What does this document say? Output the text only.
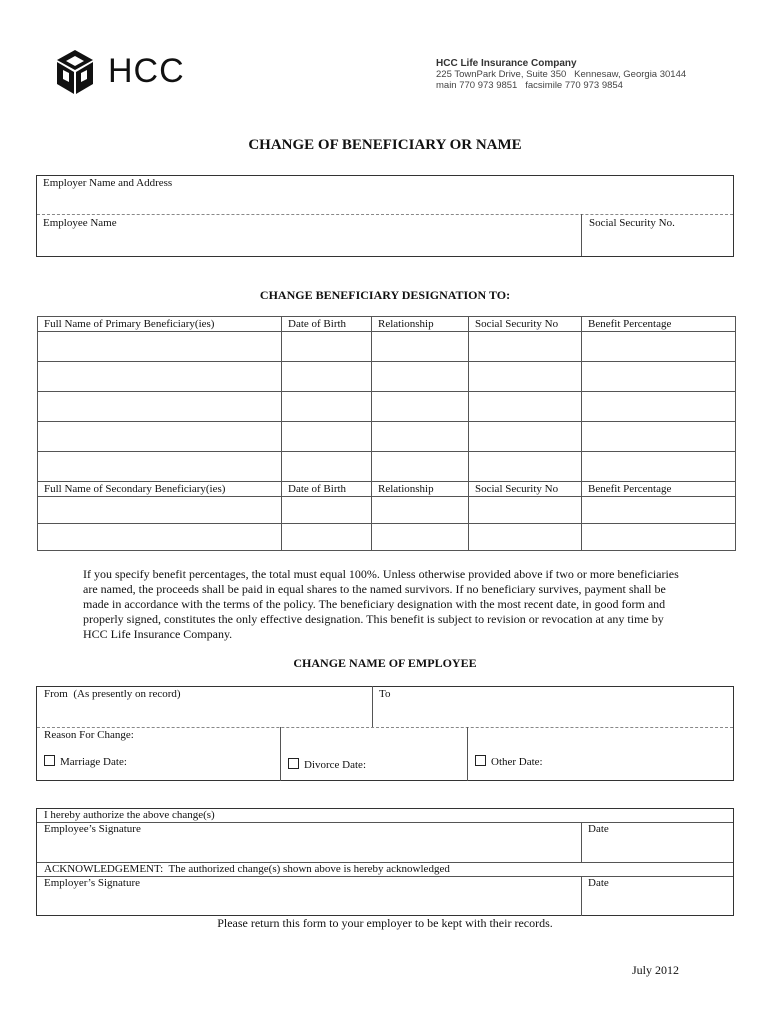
HCC	HCC Life Insurance Company
225 TownPark Drive, Suite 350   Kennesaw, Georgia 30144
main 770 973 9851   facsimile 770 973 9854
CHANGE OF BENEFICIARY OR NAME
Employer Name and Address
Employee Name	Social Security No.
CHANGE BENEFICIARY DESIGNATION TO:
Full Name of Primary Beneficiary(ies)	Date of Birth	Relationship	Social Security No	Benefit Percentage

Full Name of Secondary Beneficiary(ies)	Date of Birth	Relationship	Social Security No	Benefit Percentage

If you specify benefit percentages, the total must equal 100%. Unless otherwise provided above if two or more beneficiaries
are named, the proceeds shall be paid in equal shares to the named survivors. If no beneficiary survives, payment shall be
made in accordance with the terms of the policy. The beneficiary designation with the most recent date, in good form and
properly signed, constitutes the only effective designation. This benefit is subject to revision or revocation at any time by
HCC Life Insurance Company.
CHANGE NAME OF EMPLOYEE
From  (As presently on record)	To
Reason For Change:
Marriage Date:	Divorce Date:	Other Date:
I hereby authorize the above change(s)
Employee’s Signature	Date
ACKNOWLEDGEMENT:  The authorized change(s) shown above is hereby acknowledged
Employer’s Signature	Date
Please return this form to your employer to be kept with their records.
July 2012
